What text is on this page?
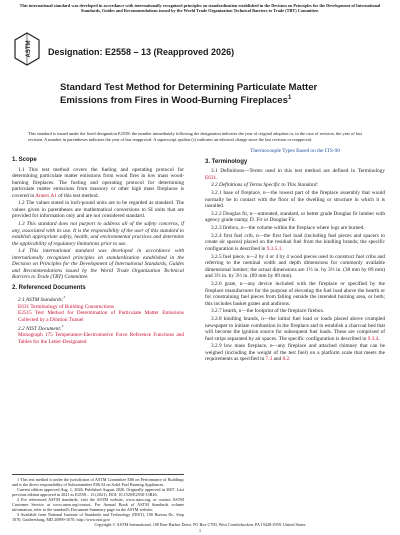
This international standard was developed in accordance with internationally recognized principles on standardization established in the Decision on Principles for the Development of International Standards, Guides and Recommendations issued by the World Trade Organization Technical Barriers to Trade (TBT) Committee.
ASTM Designation: E2558 – 13 (Reapproved 2026)
Standard Test Method for Determining Particulate Matter Emissions from Fires in Wood-Burning Fireplaces$^1$
This standard is issued under the fixed designation E2558; the number immediately following the designation indicates the year of original adoption or, in the case of revision, the year of last revision. A number in parentheses indicates the year of last reapproval. A superscript epsilon (ε) indicates an editorial change since the last revision or reapproval.
1. Scope

1.1 This test method covers the fueling and operating protocol for determining particulate matter emissions from wood fires in low mass wood-burning fireplaces. The fueling and operating protocol for determining particulate matter emissions from masonry or other high mass fireplaces is covered in Annex A1 of this test method.

1.2 The values stated in inch-pound units are to be regarded as standard. The values given in parentheses are mathematical conversions to SI units that are provided for information only and are not considered standard.

1.3 This standard does not purport to address all of the safety concerns, if any, associated with its use. It is the responsibility of the user of this standard to establish appropriate safety, health, and environmental practices and determine the applicability of regulatory limitations prior to use.

1.4 This international standard was developed in accordance with internationally recognized principles on standardization established in the Decision on Principles for the Development of International Standards, Guides and Recommendations issued by the World Trade Organization Technical Barriers to Trade (TBT) Committee.

2. Referenced Documents

2.1 ASTM Standards:$^2$

E631 Terminology of Building Constructions

E2515 Test Method for Determination of Particulate Matter Emissions Collected by a Dilution Tunnel

2.2 NIST Document:$^3$

Monograph 175 Temperature-Electromotive Force Reference Functions and Tables for the Letter-Designated

1 This test method is under the jurisdiction of ASTM Committee E06 on Performance of Buildings and is the direct responsibility of Subcommittee E06.54 on Solid Fuel Burning Appliances.

Current edition approved Aug. 1, 2026. Published August 2026. Originally approved in 2007. Last previous edition approved in 2021 as E2558 – 13 (2021). DOI: 10.1520/E2558-13R26.

2 For referenced ASTM standards, visit the ASTM website, www.astm.org, or contact ASTM Customer Service at www.astm.org/contact. For Annual Book of ASTM Standards volume information, refer to the standard's Document Summary page on the ASTM website.

3 Available from National Institute of Standards and Technology (NIST), 100 Bureau Dr., Stop 1070, Gaithersburg, MD 20899-1070, http://www.nist.gov.

Thermocouple Types Based on the ITS-90

3. Terminology

3.1 Definitions—Terms used in this test method are defined in Terminology E631.

3.2 Definitions of Terms Specific to This Standard:

3.2.1 base of fireplace, n—the lowest part of the fireplace assembly that would normally be in contact with the floor of the dwelling or structure in which it is installed.

3.2.2 Douglas fir, n—untreated, standard, or better grade Douglas fir lumber with agency grade stamp; D. Fir or Douglas Fir.

3.2.3 firebox, n—the volume within the fireplace where logs are burned.

3.2.4 first fuel crib, n—the first fuel load (including fuel pieces and spacers to create air spaces) placed on the residual fuel from the kindling brands; the specific configuration is described in 9.3.5.1.

3.2.5 fuel piece, n—2 by 4 or 4 by 4 wood pieces used to construct fuel cribs and referring to the nominal width and depth dimensions for commonly available dimensional lumber; the actual dimensions are 1½ in. by 3½ in. (38 mm by 89 mm) and 3½ in. by 3½ in. (89 mm by 89 mm).

3.2.6 grate, n—any device included with the fireplace or specified by the fireplace manufacturer for the purpose of elevating the fuel load above the hearth or for constraining fuel pieces from falling outside the intended burning area, or both; this includes basket grates and andirons.

3.2.7 hearth, n—the footprint of the fireplace firebox.

3.2.8 kindling brands, n—the initial fuel load or loads placed above crumpled newspaper to initiate combustion in the fireplace and to establish a charcoal bed that will become the ignition source for subsequent fuel loads. These are comprised of fuel strips separated by air spaces. The specific configuration is described in 9.3.4.

3.2.9 low mass fireplace, n—any fireplace and attached chimney that can be weighed (including the weight of the test fuel) on a platform scale that meets the requirements as specified in 7.3 and 8.2.

Copyright © ASTM International, 100 Barr Harbor Drive, PO Box C700, West Conshohocken, PA 19428-2959. United States
1
